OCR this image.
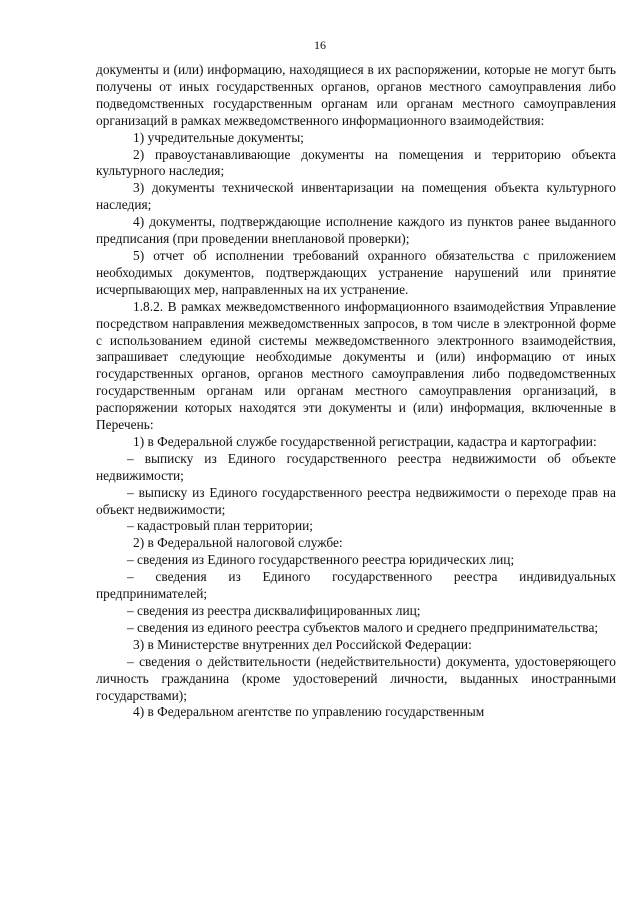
16

документы и (или) информацию, находящиеся в их распоряжении, которые не могут быть получены от иных государственных органов, органов местного самоуправления либо подведомственных государственным органам или органам местного самоуправления организаций в рамках межведомственного информационного взаимодействия:

1) учредительные документы;

2) правоустанавливающие документы на помещения и территорию объекта культурного наследия;

3) документы технической инвентаризации на помещения объекта культурного наследия;

4) документы, подтверждающие исполнение каждого из пунктов ранее выданного предписания (при проведении внеплановой проверки);

5) отчет об исполнении требований охранного обязательства с приложением необходимых документов, подтверждающих устранение нарушений или принятие исчерпывающих мер, направленных на их устранение.

1.8.2. В рамках межведомственного информационного взаимодействия Управление посредством направления межведомственных запросов, в том числе в электронной форме с использованием единой системы межведомственного электронного взаимодействия, запрашивает следующие необходимые документы и (или) информацию от иных государственных органов, органов местного самоуправления либо подведомственных государственным органам или органам местного самоуправления организаций, в распоряжении которых находятся эти документы и (или) информация, включенные в Перечень:

1) в Федеральной службе государственной регистрации, кадастра и картографии:

– выписку из Единого государственного реестра недвижимости об объекте недвижимости;

– выписку из Единого государственного реестра недвижимости о переходе прав на объект недвижимости;

– кадастровый план территории;

2) в Федеральной налоговой службе:

– сведения из Единого государственного реестра юридических лиц;

– сведения из Единого государственного реестра индивидуальных предпринимателей;

– сведения из реестра дисквалифицированных лиц;

– сведения из единого реестра субъектов малого и среднего предпринимательства;

3) в Министерстве внутренних дел Российской Федерации:

– сведения о действительности (недействительности) документа, удостоверяющего личность гражданина (кроме удостоверений личности, выданных иностранными государствами);

4) в Федеральном агентстве по управлению государственным
